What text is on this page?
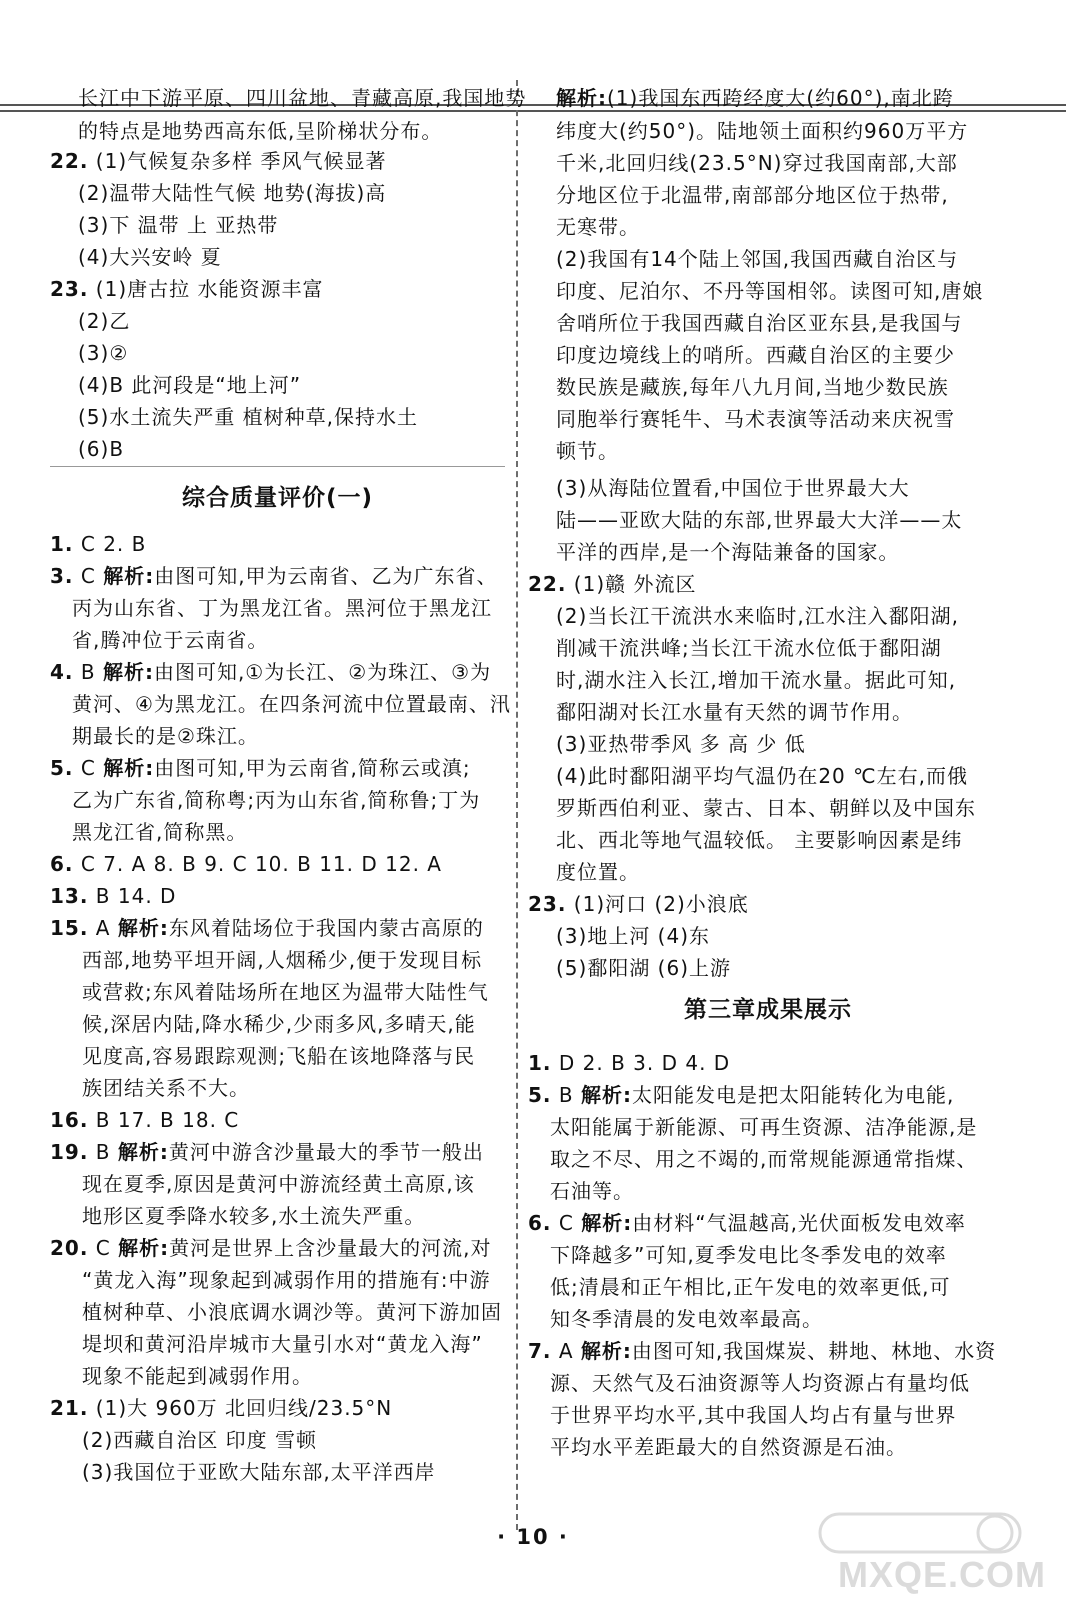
综合质量评价(一)
长江中下游平原、四川盆地、青藏高原,我国地势
的特点是地势西高东低,呈阶梯状分布。
22. (1)气候复杂多样 季风气候显著
(2)温带大陆性气候 地势(海拔)高
(3)下 温带 上 亚热带
(4)大兴安岭 夏
23. (1)唐古拉 水能资源丰富
(2)乙
(3)②
(4)B 此河段是“地上河”
(5)水土流失严重 植树种草,保持水土
(6)B
1. C 2. B
3. C 解析:由图可知,甲为云南省、乙为广东省、
丙为山东省、丁为黑龙江省。黑河位于黑龙江
省,腾冲位于云南省。
4. B 解析:由图可知,①为长江、②为珠江、③为
黄河、④为黑龙江。在四条河流中位置最南、汛
期最长的是②珠江。
5. C 解析:由图可知,甲为云南省,简称云或滇;
乙为广东省,简称粤;丙为山东省,简称鲁;丁为
黑龙江省,简称黑。
6. C 7. A 8. B 9. C 10. B 11. D 12. A
13. B 14. D
15. A 解析:东风着陆场位于我国内蒙古高原的
西部,地势平坦开阔,人烟稀少,便于发现目标
或营救;东风着陆场所在地区为温带大陆性气
候,深居内陆,降水稀少,少雨多风,多晴天,能
见度高,容易跟踪观测;飞船在该地降落与民
族团结关系不大。
16. B 17. B 18. C
19. B 解析:黄河中游含沙量最大的季节一般出
现在夏季,原因是黄河中游流经黄土高原,该
地形区夏季降水较多,水土流失严重。
20. C 解析:黄河是世界上含沙量最大的河流,对
“黄龙入海”现象起到减弱作用的措施有:中游
植树种草、小浪底调水调沙等。黄河下游加固
堤坝和黄河沿岸城市大量引水对“黄龙入海”
现象不能起到减弱作用。
21. (1)大 960万 北回归线/23.5°N
(2)西藏自治区 印度 雪顿
(3)我国位于亚欧大陆东部,太平洋西岸
第三章成果展示
解析:(1)我国东西跨经度大(约60°),南北跨
纬度大(约50°)。陆地领土面积约960万平方
千米,北回归线(23.5°N)穿过我国南部,大部
分地区位于北温带,南部部分地区位于热带,
无寒带。
(2)我国有14个陆上邻国,我国西藏自治区与
印度、尼泊尔、不丹等国相邻。读图可知,唐娘
舍哨所位于我国西藏自治区亚东县,是我国与
印度边境线上的哨所。西藏自治区的主要少
数民族是藏族,每年八九月间,当地少数民族
同胞举行赛牦牛、马术表演等活动来庆祝雪
顿节。
(3)从海陆位置看,中国位于世界最大大
陆——亚欧大陆的东部,世界最大大洋——太
平洋的西岸,是一个海陆兼备的国家。
22. (1)赣 外流区
(2)当长江干流洪水来临时,江水注入鄱阳湖,
削减干流洪峰;当长江干流水位低于鄱阳湖
时,湖水注入长江,增加干流水量。据此可知,
鄱阳湖对长江水量有天然的调节作用。
(3)亚热带季风 多 高 少 低
(4)此时鄱阳湖平均气温仍在20 ℃左右,而俄
罗斯西伯利亚、蒙古、日本、朝鲜以及中国东
北、西北等地气温较低。 主要影响因素是纬
度位置。
23. (1)河口 (2)小浪底
(3)地上河 (4)东
(5)鄱阳湖 (6)上游
1. D 2. B 3. D 4. D
5. B 解析:太阳能发电是把太阳能转化为电能,
太阳能属于新能源、可再生资源、洁净能源,是
取之不尽、用之不竭的,而常规能源通常指煤、
石油等。
6. C 解析:由材料“气温越高,光伏面板发电效率
下降越多”可知,夏季发电比冬季发电的效率
低;清晨和正午相比,正午发电的效率更低,可
知冬季清晨的发电效率最高。
7. A 解析:由图可知,我国煤炭、耕地、林地、水资
源、天然气及石油资源等人均资源占有量均低
于世界平均水平,其中我国人均占有量与世界
平均水平差距最大的自然资源是石油。
· 10 ·
MXQE.COM
